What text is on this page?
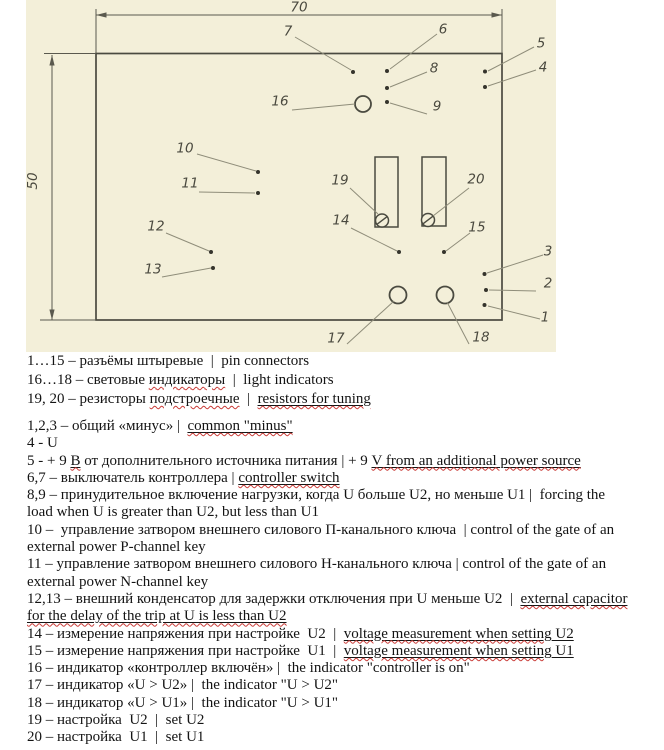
70
50
1
2
3
4
5
6
7
8
9
10
11
12
13
14	15
16
17	18
19	20
1…15 – разъёмы штыревые  |  pin connectors
16…18 – световые индикаторы  |  light indicators
19, 20 – резисторы подстроечные  |  resistors for tuning
1,2,3 – общий «минус» |  common "minus"
4 - U
5 - + 9 В от дополнительного источника питания | + 9 V from an additional power source
6,7 – выключатель контроллера | controller switch
8,9 – принудительное включение нагрузки, когда U больше U2, но меньше U1 |  forcing the
load when U is greater than U2, but less than U1
10 –  управление затвором внешнего силового П-канального ключа  | control of the gate of an
external power P-channel key
11 – управление затвором внешнего силового Н-канального ключа | control of the gate of an
external power N-channel key
12,13 – внешний конденсатор для задержки отключения при U меньше U2  |  external capacitor
for the delay of the trip at U is less than U2
14 – измерение напряжения при настройке  U2  |  voltage measurement when setting U2
15 – измерение напряжения при настройке  U1  |  voltage measurement when setting U1
16 – индикатор «контроллер включён» |  the indicator "controller is on"
17 – индикатор «U > U2» |  the indicator "U > U2"
18 – индикатор «U > U1» |  the indicator "U > U1"
19 – настройка  U2  |  set U2
20 – настройка  U1  |  set U1
